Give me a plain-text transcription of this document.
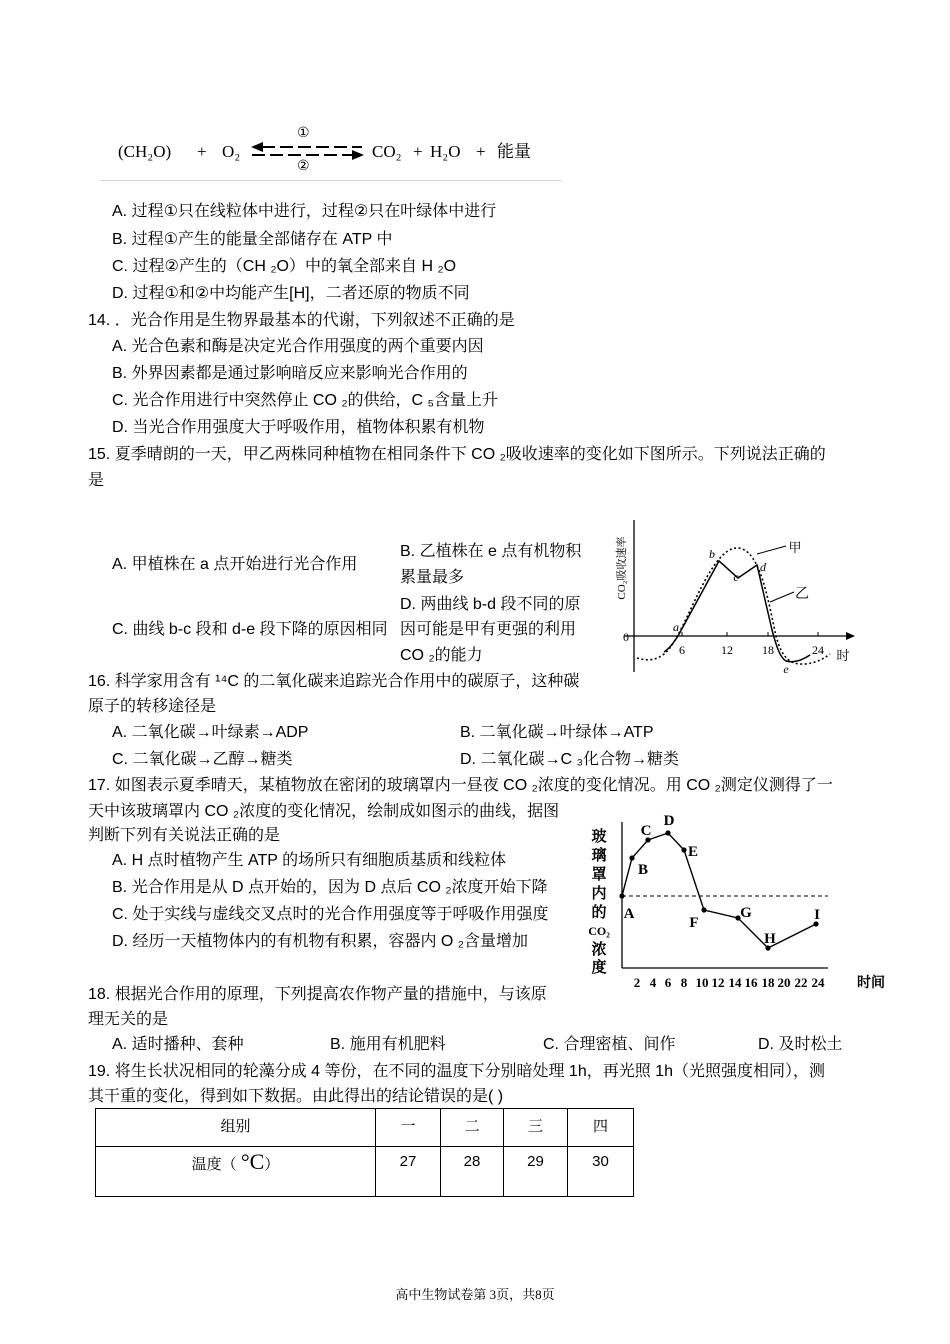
(CH₂O) + O₂
①
②
CO₂ + H₂O + 能量
A. 过程①只在线粒体中进行，过程②只在叶绿体中进行
B. 过程①产生的能量全部储存在 ATP 中
C. 过程②产生的（CH ₂O）中的氧全部来自 H ₂O
D. 过程①和②中均能产生[H]，二者还原的物质不同
14. ．光合作用是生物界最基本的代谢，下列叙述不正确的是
A. 光合色素和酶是决定光合作用强度的两个重要内因
B. 外界因素都是通过影响暗反应来影响光合作用的
C. 光合作用进行中突然停止 CO ₂的供给，C ₅含量上升
D. 当光合作用强度大于呼吸作用，植物体积累有机物
15. 夏季晴朗的一天，甲乙两株同种植物在相同条件下 CO ₂吸收速率的变化如下图所示。下列说法正确的
是
A. 甲植株在 a 点开始进行光合作用
B. 乙植株在 e 点有机物积
累量最多
C. 曲线 b-c 段和 d-e 段下降的原因相同
D. 两曲线 b-d 段不同的原
因可能是甲有更强的利用
CO ₂的能力
CO₂吸收速率
0
6	12 18	24 时
a
b
c
d
e
甲
乙
16. 科学家用含有 ¹⁴C 的二氧化碳来追踪光合作用中的碳原子，这种碳
原子的转移途径是
A. 二氧化碳→叶绿素→ADP	B. 二氧化碳→叶绿体→ATP
C. 二氧化碳→乙醇→糖类	D. 二氧化碳→C ₃化合物→糖类
17. 如图表示夏季晴天，某植物放在密闭的玻璃罩内一昼夜 CO ₂浓度的变化情况。用 CO ₂测定仪测得了一
天中该玻璃罩内 CO ₂浓度的变化情况，绘制成如图示的曲线，据图
判断下列有关说法正确的是
A. H 点时植物产生 ATP 的场所只有细胞质基质和线粒体
B. 光合作用是从 D 点开始的，因为 D 点后 CO ₂浓度开始下降
C. 处于实线与虚线交叉点时的光合作用强度等于呼吸作用强度
D. 经历一天植物体内的有机物有积累，容器内 O ₂含量增加
玻
璃
罩
内
的
CO₂
浓
度
A
B
C
D
E
F
G
H
I
2 4 6 8 10 12 14 16 18 20 22 24 时间
18. 根据光合作用的原理，下列提高农作物产量的措施中，与该原
理无关的是
A. 适时播种、套种	B. 施用有机肥料	C. 合理密植、间作	D. 及时松土
19. 将生长状况相同的轮藻分成 4 等份，在不同的温度下分别暗处理 1h，再光照 1h（光照强度相同），测
其干重的变化，得到如下数据。由此得出的结论错误的是( )
组别	一	二	三	四
温度（ °C）	27	28	29	30
高中生物试卷第 3页，共8页
